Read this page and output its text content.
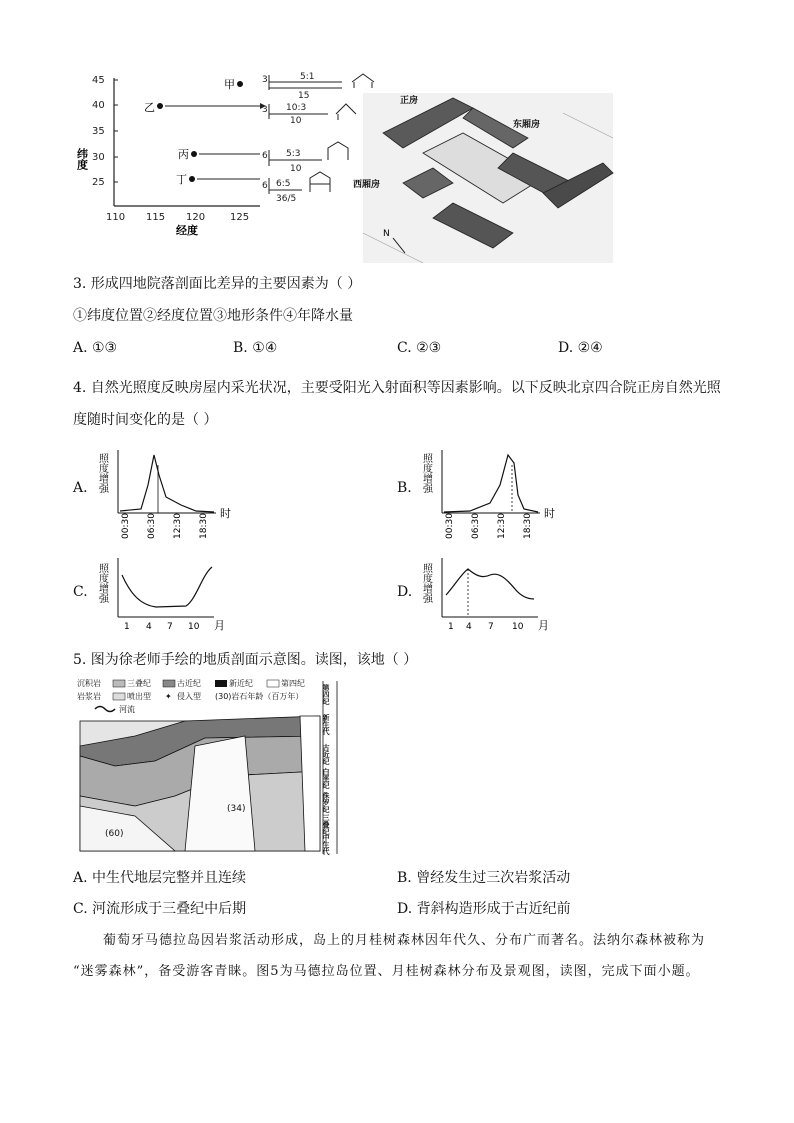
45
40
35
30
25
110 115 120 125
经度
纬度
甲
乙
丙
丁
3	5:1
15
3 10:3
10
6 5:3
10
6 6:5
36/5
正房
东厢房
西厢房
N
3. 形成四地院落剖面比差异的主要因素为（ ）
①纬度位置②经度位置③地形条件④年降水量
A. ①③	B. ①④	C. ②③	D. ②④
4. 自然光照度反映房屋内采光状况，主要受阳光入射面积等因素影响。以下反映北京四合院正房自然光照
度随时间变化的是（ ）
A. 照度增强
00:30 06:30 12:30 18:30 时
B. 照度增强
00:30 06:30 12:30 18:30 时
C. 照度增强
1 4 7 10 月
D. 照度增强
1 4 7 10 月
5. 图为徐老师手绘的地质剖面示意图。读图，该地（ ）
沉积岩	三叠纪	古近纪	新近纪	第四纪
岩浆岩	喷出型 ✦ 侵入型 (30)岩石年龄（百万年）
河流
(60)
(34)
第四纪
新生代
古近纪
白垩纪
侏罗纪
三叠纪
中生代
A. 中生代地层完整并且连续	B. 曾经发生过三次岩浆活动
C. 河流形成于三叠纪中后期	D. 背斜构造形成于古近纪前
葡萄牙马德拉岛因岩浆活动形成，岛上的月桂树森林因年代久、分布广而著名。法纳尔森林被称为
“迷雾森林”，备受游客青睐。图5为马德拉岛位置、月桂树森林分布及景观图，读图，完成下面小题。
